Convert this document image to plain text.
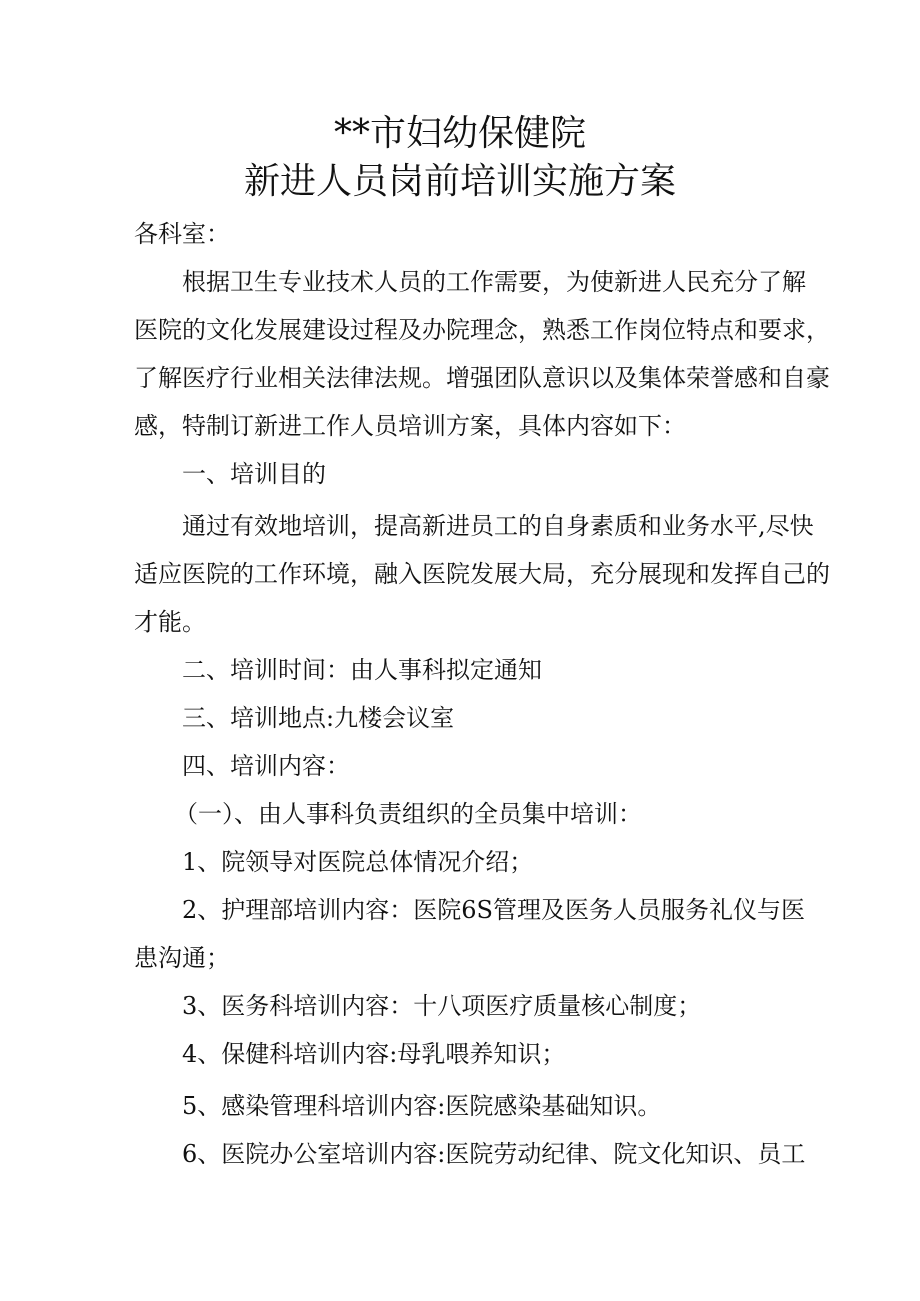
**市妇幼保健院
新进人员岗前培训实施方案
各科室：
根据卫生专业技术人员的工作需要，为使新进人民充分了解
医院的文化发展建设过程及办院理念，熟悉工作岗位特点和要求，
了解医疗行业相关法律法规。增强团队意识以及集体荣誉感和自豪
感，特制订新进工作人员培训方案，具体内容如下：
一、培训目的
通过有效地培训，提高新进员工的自身素质和业务水平,尽快
适应医院的工作环境，融入医院发展大局，充分展现和发挥自己的
才能。
二、培训时间：由人事科拟定通知
三、培训地点:九楼会议室
四、培训内容：
（一）、由人事科负责组织的全员集中培训：
1、院领导对医院总体情况介绍；
2、护理部培训内容：医院6S管理及医务人员服务礼仪与医
患沟通；
3、医务科培训内容：十八项医疗质量核心制度；
4、保健科培训内容:母乳喂养知识；
5、感染管理科培训内容:医院感染基础知识。
6、医院办公室培训内容:医院劳动纪律、院文化知识、员工
